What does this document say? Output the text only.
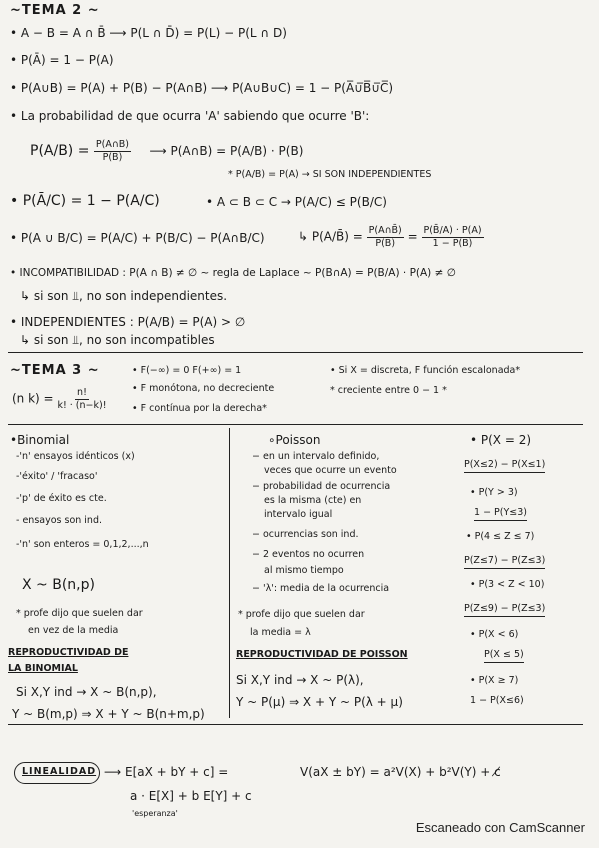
~TEMA 2 ~
• A − B = A ∩ B̄ ⟶ P(L ∩ D̄) = P(L) − P(L ∩ D)
• P(Ā) = 1 − P(A)
• P(A∪B) = P(A) + P(B) − P(A∩B) ⟶ P(A∪B∪C) = 1 − P(A̅∪̅B̅∪̅C̅)
• La probabilidad de que ocurra 'A' sabiendo que ocurre 'B':
$P(A/B) = \frac{P(A\cap B)}{P(B)}$ ⟶ P(A∩B) = P(A/B) · P(B)
* P(A/B) = P(A) → SI SON INDEPENDIENTES
• P(Ā/C) = 1 − P(A/C)	• A ⊂ B ⊂ C → P(A/C) ≤ P(B/C)
• P(A ∪ B/C) = P(A/C) + P(B/C) − P(A∩B/C)	↳ P(A/B̄) = $\frac{P(A\cap B̄)}{P(B̄)} = \frac{P(B̄/A) \cdot P(A)}{1 - P(B)}$
• INCOMPATIBILIDAD : P(A ∩ B) ≠ ∅ ~ regla de Laplace ~ P(B∩A) = P(B/A) · P(A) ≠ ∅
↳ si son ⫫, no son independientes.
• INDEPENDIENTES : P(A/B) = P(A) > ∅
↳ si son ⫫, no son incompatibles
~TEMA 3 ~
(n $k) = \frac{n!}{k! \cdot (n-k)!}$
• F(−∞) = 0 F(+∞) = 1
• F monótona, no decreciente
• F contínua por la derecha*
• Si X = discreta, F función escalonada*
* creciente entre 0 − 1 *
•Binomial
-'n' ensayos idénticos (x)
-'éxito' / 'fracaso'
-'p' de éxito es cte.
- ensayos son ind.
-'n' son enteros = 0,1,2,...,n
X ~ B(n,p)
* profe dijo que suelen dar
en vez de la media
REPRODUCTIVIDAD DE
LA BINOMIAL
Si X,Y ind → X ~ B(n,p),
Y ~ B(m,p) ⇒ X + Y ~ B(n+m,p)
∘Poisson
− en un intervalo definido,
veces que ocurre un evento
− probabilidad de ocurrencia
es la misma (cte) en
intervalo igual
− ocurrencias son ind.
− 2 eventos no ocurren
al mismo tiempo
− 'λ': media de la ocurrencia
* profe dijo que suelen dar
la media = λ
REPRODUCTIVIDAD DE POISSON
Si X,Y ind → X ~ P(λ),
Y ~ P(μ) ⇒ X + Y ~ P(λ + μ)
• P(X = 2)
P(X≤2) − P(X≤1)
• P(Y > 3)
1 − P(Y≤3)
• P(4 ≤ Z ≤ 7)
P(Z≤7) − P(Z≤3)
• P(3 < Z < 10)
P(Z≤9) − P(Z≤3)
• P(X < 6)
P(X ≤ 5)
• P(X ≥ 7)
1 − P(X≤6)
LINEALIDAD ⟶ E[aX + bY + c] =
a · E[X] + b E[Y] + c
'esperanza'
V(aX ± bY) = a²V(X) + b²V(Y) + c̸
Escaneado con CamScanner
